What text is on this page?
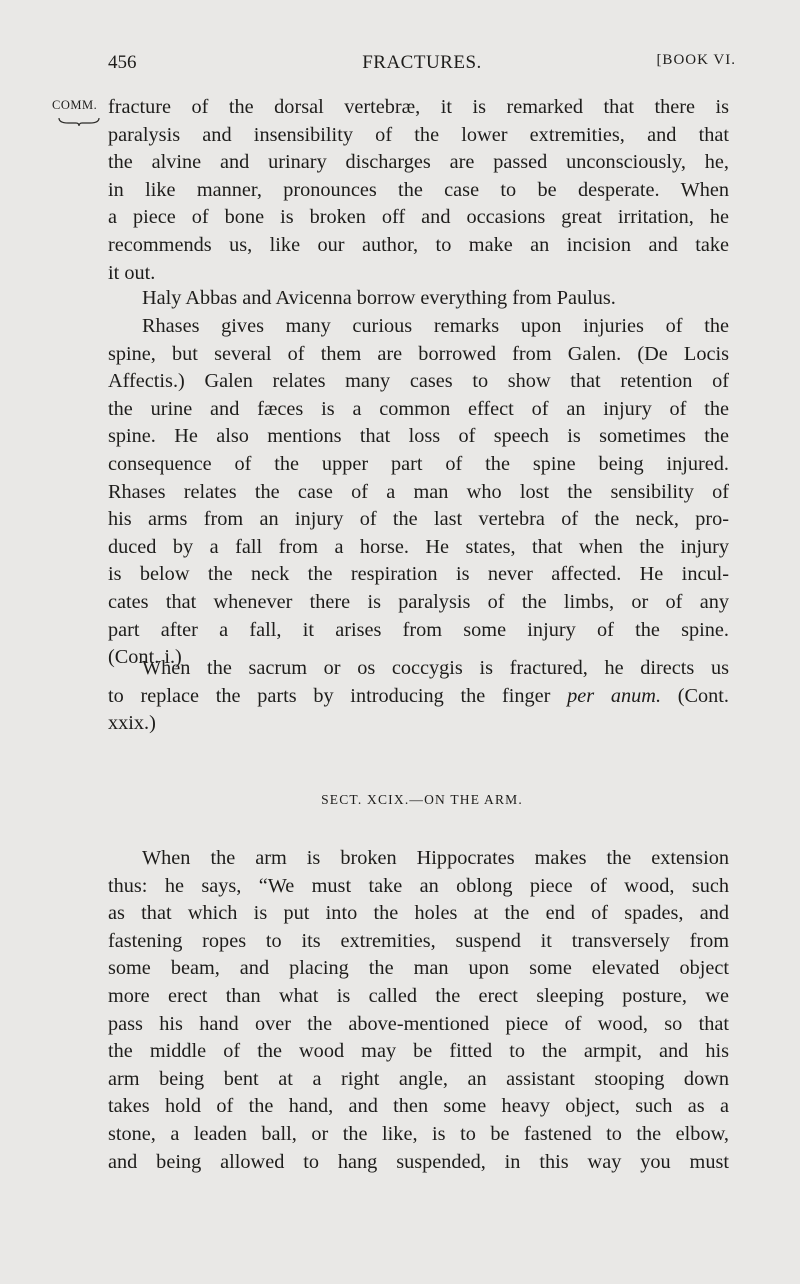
456	FRACTURES.	[BOOK VI.
COMM. fracture of the dorsal vertebræ, it is remarked that there is
paralysis and insensibility of the lower extremities, and that
the alvine and urinary discharges are passed unconsciously, he,
in like manner, pronounces the case to be desperate. When
a piece of bone is broken off and occasions great irritation, he
recommends us, like our author, to make an incision and take
it out.
Haly Abbas and Avicenna borrow everything from Paulus.
Rhases gives many curious remarks upon injuries of the
spine, but several of them are borrowed from Galen. (De Locis
Affectis.) Galen relates many cases to show that retention of
the urine and fæces is a common effect of an injury of the
spine. He also mentions that loss of speech is sometimes the
consequence of the upper part of the spine being injured.
Rhases relates the case of a man who lost the sensibility of
his arms from an injury of the last vertebra of the neck, pro-
duced by a fall from a horse. He states, that when the injury
is below the neck the respiration is never affected. He incul-
cates that whenever there is paralysis of the limbs, or of any
part after a fall, it arises from some injury of the spine.
(Cont. i.)
When the sacrum or os coccygis is fractured, he directs us
to replace the parts by introducing the finger per anum. (Cont.
xxix.)
SECT. XCIX.—ON THE ARM.
When the arm is broken Hippocrates makes the extension
thus: he says, “We must take an oblong piece of wood, such
as that which is put into the holes at the end of spades, and
fastening ropes to its extremities, suspend it transversely from
some beam, and placing the man upon some elevated object
more erect than what is called the erect sleeping posture, we
pass his hand over the above-mentioned piece of wood, so that
the middle of the wood may be fitted to the armpit, and his
arm being bent at a right angle, an assistant stooping down
takes hold of the hand, and then some heavy object, such as a
stone, a leaden ball, or the like, is to be fastened to the elbow,
and being allowed to hang suspended, in this way you must
